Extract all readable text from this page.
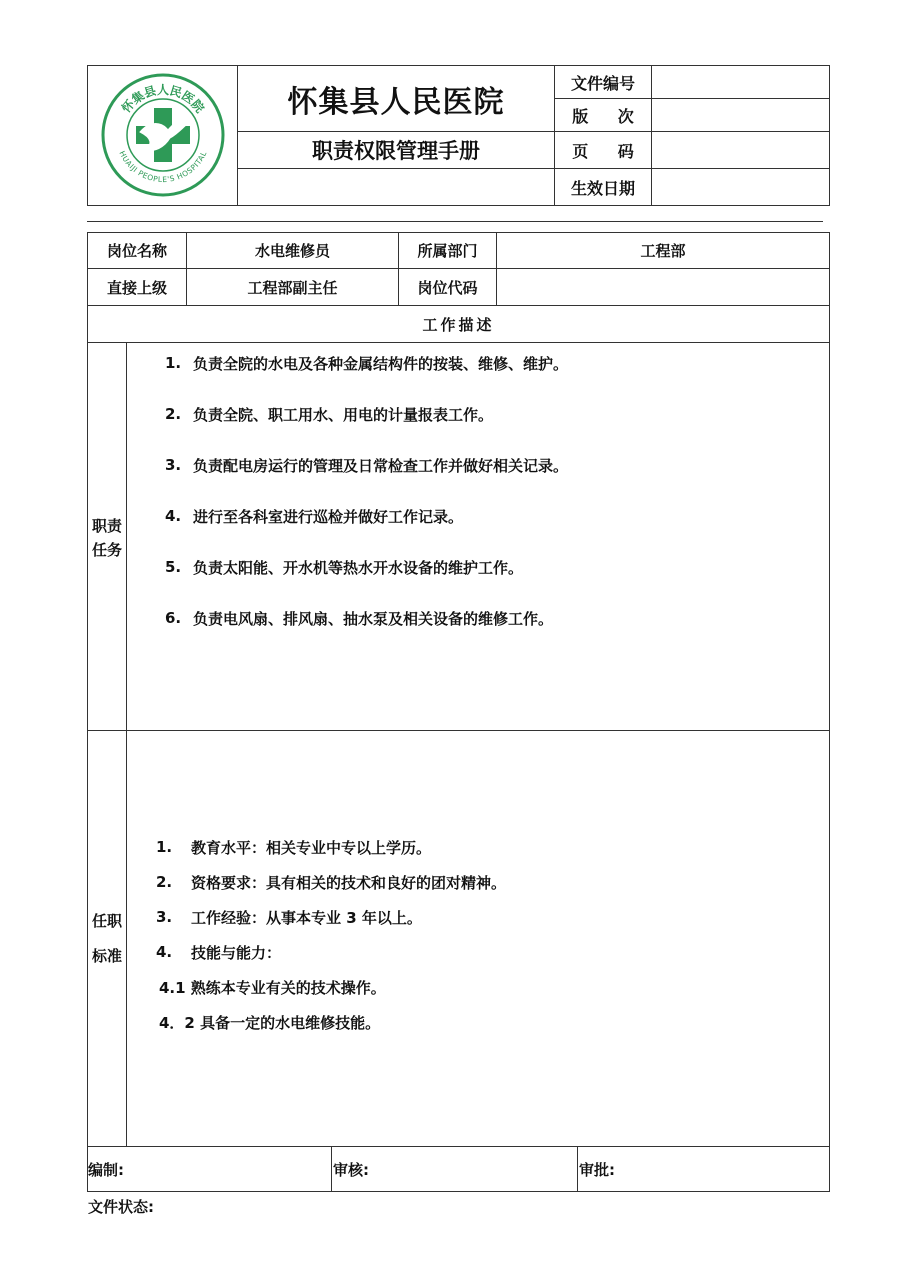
怀集县人民医院
HUAIJI PEOPLE'S HOSPITAL
怀集县人民医院
职责权限管理手册
文件编号
版 次
页 码
生效日期
岗位名称	水电维修员	所属部门	工程部
直接上级	工程部副主任	岗位代码
工作描述
职责
任务
1. 负责全院的水电及各种金属结构件的按装、维修、维护。
2. 负责全院、职工用水、用电的计量报表工作。
3. 负责配电房运行的管理及日常检查工作并做好相关记录。
4. 进行至各科室进行巡检并做好工作记录。
5. 负责太阳能、开水机等热水开水设备的维护工作。
6. 负责电风扇、排风扇、抽水泵及相关设备的维修工作。
任职
标准
1.	教育水平：相关专业中专以上学历。
2.	资格要求：具有相关的技术和良好的团对精神。
3.	工作经验：从事本专业 3 年以上。
4.	技能与能力：
4.1 熟练本专业有关的技术操作。
4．2 具备一定的水电维修技能。
编制:	审核:	审批:
文件状态:
